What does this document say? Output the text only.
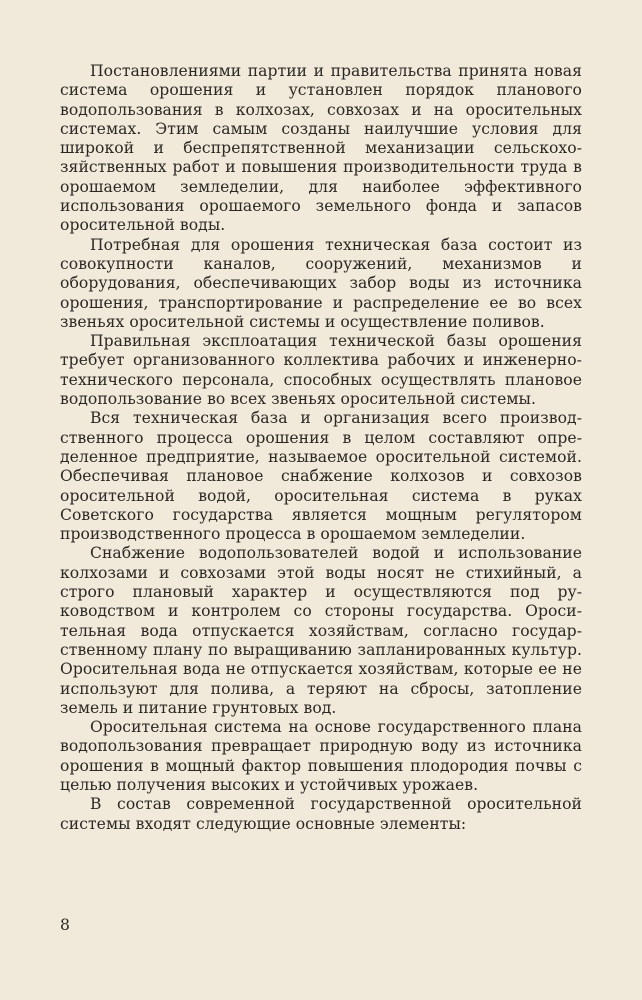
Постановлениями партии и правительства принята новая система орошения и установлен порядок планового водопользования в колхозах, совхозах и на оросительных системах. Этим самым созданы наилучшие условия для широкой и беспрепятственной механизации сельскохозяйственных работ и повышения производительности труда в орошаемом земледелии, для наиболее эффективного использования орошаемого земельного фонда и запасов оросительной воды.

Потребная для орошения техническая база состоит из совокупности каналов, сооружений, механизмов и оборудования, обеспечивающих забор воды из источника орошения, транспортирование и распределение ее во всех звеньях оросительной системы и осуществление поливов.

Правильная эксплоатация технической базы орошения требует организованного коллектива рабочих и инженерно-технического персонала, способных осуществлять плановое водопользование во всех звеньях оросительной системы.

Вся техническая база и организация всего производственного процесса орошения в целом составляют определенное предприятие, называемое оросительной системой. Обеспечивая плановое снабжение колхозов и совхозов оросительной водой, оросительная система в руках Советского государства является мощным регулятором производственного процесса в орошаемом земледелии.

Снабжение водопользователей водой и использование колхозами и совхозами этой воды носят не стихийный, а строго плановый характер и осуществляются под руководством и контролем со стороны государства. Оросительная вода отпускается хозяйствам, согласно государственному плану по выращиванию запланированных культур. Оросительная вода не отпускается хозяйствам, которые ее не используют для полива, а теряют на сбросы, затопление земель и питание грунтовых вод.

Оросительная система на основе государственного плана водопользования превращает природную воду из источника орошения в мощный фактор повышения плодородия почвы с целью получения высоких и устойчивых урожаев.

В состав современной государственной оросительной системы входят следующие основные элементы:

8
